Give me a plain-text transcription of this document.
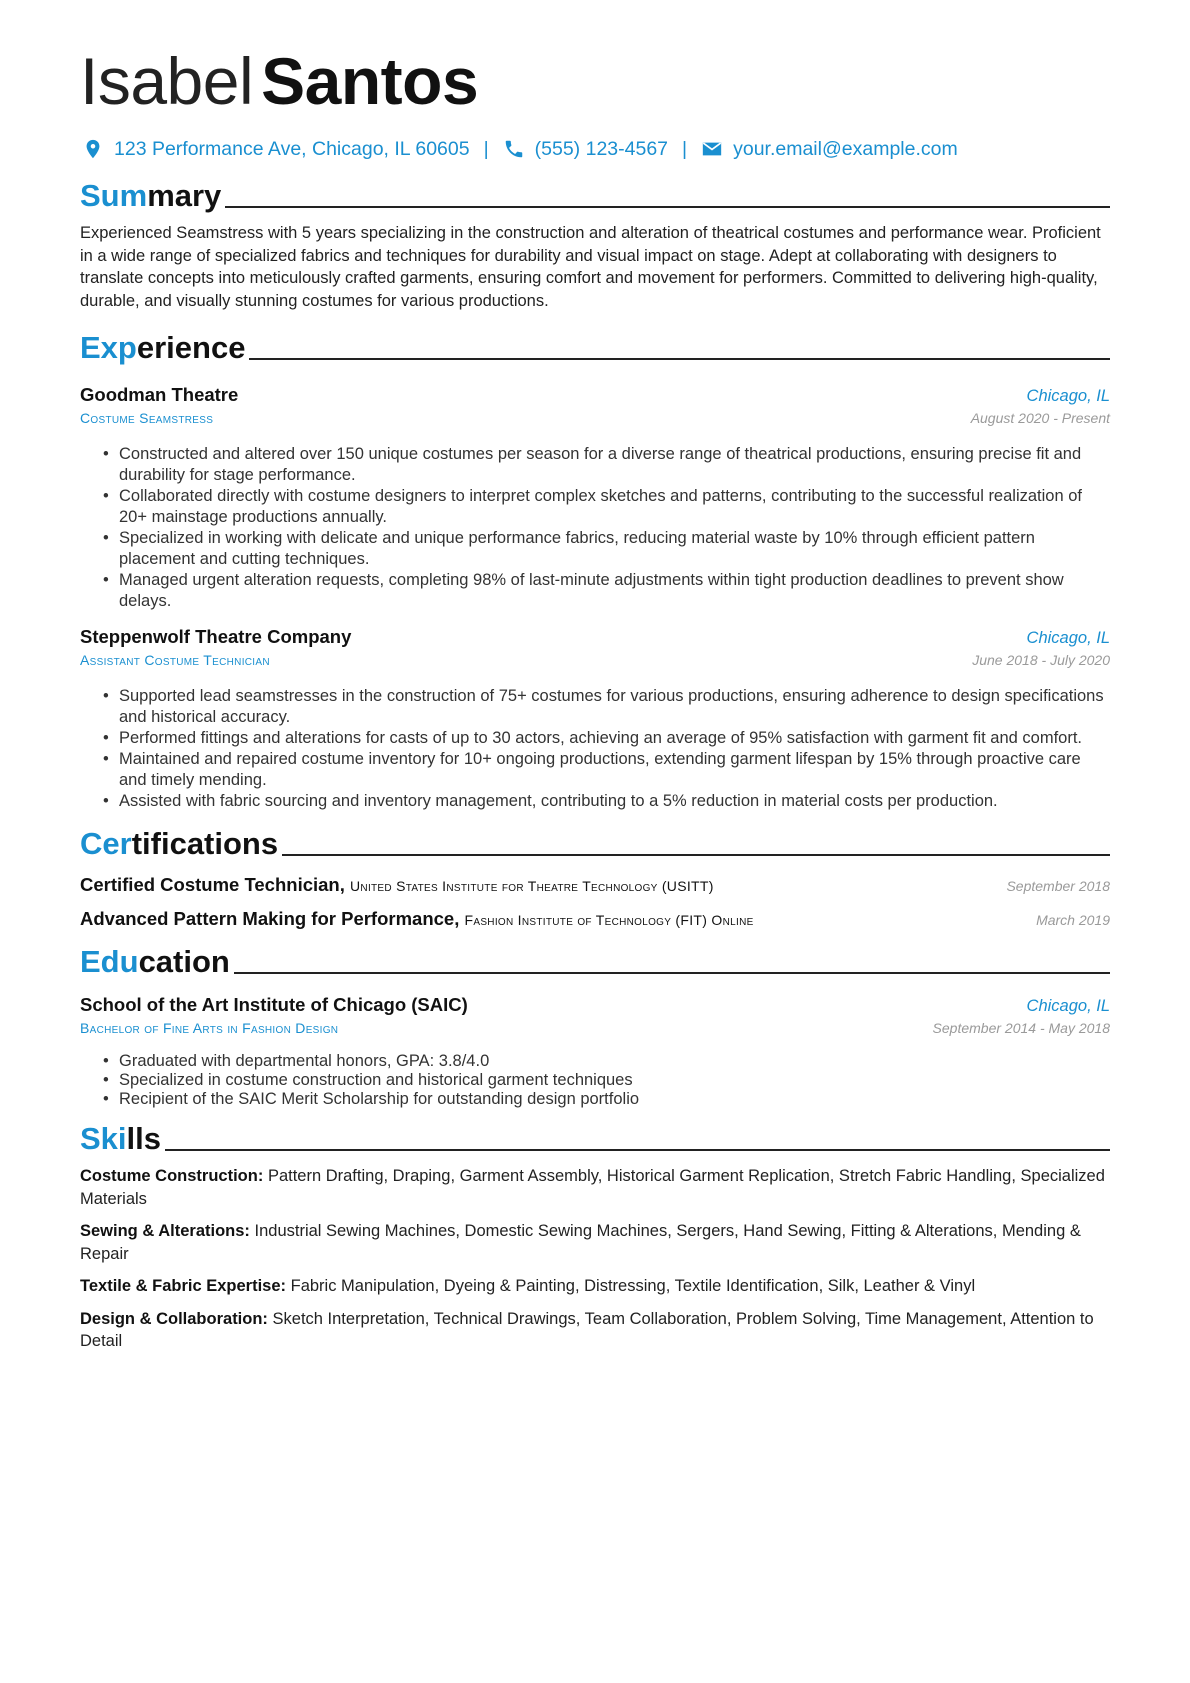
Isabel Santos
123 Performance Ave, Chicago, IL 60605 | (555) 123-4567 | your.email@example.com
Summary
Experienced Seamstress with 5 years specializing in the construction and alteration of theatrical costumes and performance wear. Proficient in a wide range of specialized fabrics and techniques for durability and visual impact on stage. Adept at collaborating with designers to translate concepts into meticulously crafted garments, ensuring comfort and movement for performers. Committed to delivering high-quality, durable, and visually stunning costumes for various productions.
Experience
Goodman Theatre	Chicago, IL
Costume Seamstress	August 2020 - Present
• Constructed and altered over 150 unique costumes per season for a diverse range of theatrical productions, ensuring precise fit and durability for stage performance.
• Collaborated directly with costume designers to interpret complex sketches and patterns, contributing to the successful realization of 20+ mainstage productions annually.
• Specialized in working with delicate and unique performance fabrics, reducing material waste by 10% through efficient pattern placement and cutting techniques.
• Managed urgent alteration requests, completing 98% of last-minute adjustments within tight production deadlines to prevent show delays.
Steppenwolf Theatre Company	Chicago, IL
Assistant Costume Technician	June 2018 - July 2020
• Supported lead seamstresses in the construction of 75+ costumes for various productions, ensuring adherence to design specifications and historical accuracy.
• Performed fittings and alterations for casts of up to 30 actors, achieving an average of 95% satisfaction with garment fit and comfort.
• Maintained and repaired costume inventory for 10+ ongoing productions, extending garment lifespan by 15% through proactive care and timely mending.
• Assisted with fabric sourcing and inventory management, contributing to a 5% reduction in material costs per production.
Certifications
Certified Costume Technician, United States Institute for Theatre Technology (USITT)	September 2018
Advanced Pattern Making for Performance, Fashion Institute of Technology (FIT) Online	March 2019
Education
School of the Art Institute of Chicago (SAIC)	Chicago, IL
Bachelor of Fine Arts in Fashion Design	September 2014 - May 2018
• Graduated with departmental honors, GPA: 3.8/4.0
• Specialized in costume construction and historical garment techniques
• Recipient of the SAIC Merit Scholarship for outstanding design portfolio
Skills
Costume Construction: Pattern Drafting, Draping, Garment Assembly, Historical Garment Replication, Stretch Fabric Handling, Specialized Materials
Sewing & Alterations: Industrial Sewing Machines, Domestic Sewing Machines, Sergers, Hand Sewing, Fitting & Alterations, Mending & Repair
Textile & Fabric Expertise: Fabric Manipulation, Dyeing & Painting, Distressing, Textile Identification, Silk, Leather & Vinyl
Design & Collaboration: Sketch Interpretation, Technical Drawings, Team Collaboration, Problem Solving, Time Management, Attention to Detail
